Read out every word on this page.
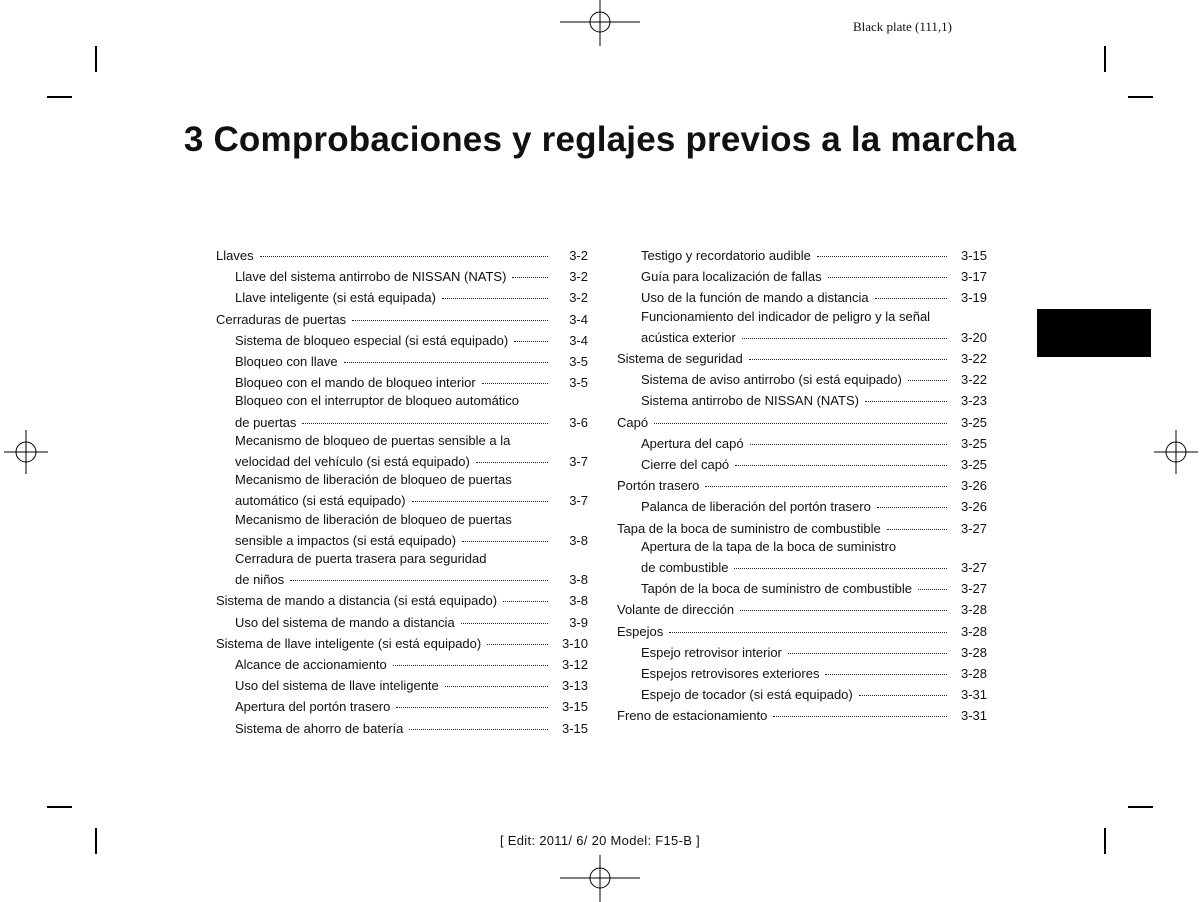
Black plate (111,1)
3 Comprobaciones y reglajes previos a la marcha
Llaves	3-2
Llave del sistema antirrobo de NISSAN (NATS)	3-2
Llave inteligente (si está equipada)	3-2
Cerraduras de puertas	3-4
Sistema de bloqueo especial (si está equipado)	3-4
Bloqueo con llave	3-5
Bloqueo con el mando de bloqueo interior	3-5
Bloqueo con el interruptor de bloqueo automático
de puertas	3-6
Mecanismo de bloqueo de puertas sensible a la
velocidad del vehículo (si está equipado)	3-7
Mecanismo de liberación de bloqueo de puertas
automático (si está equipado)	3-7
Mecanismo de liberación de bloqueo de puertas
sensible a impactos (si está equipado)	3-8
Cerradura de puerta trasera para seguridad
de niños	3-8
Sistema de mando a distancia (si está equipado)	3-8
Uso del sistema de mando a distancia	3-9
Sistema de llave inteligente (si está equipado)	3-10
Alcance de accionamiento	3-12
Uso del sistema de llave inteligente	3-13
Apertura del portón trasero	3-15
Sistema de ahorro de batería	3-15
Testigo y recordatorio audible	3-15
Guía para localización de fallas	3-17
Uso de la función de mando a distancia	3-19
Funcionamiento del indicador de peligro y la señal
acústica exterior	3-20
Sistema de seguridad	3-22
Sistema de aviso antirrobo (si está equipado)	3-22
Sistema antirrobo de NISSAN (NATS)	3-23
Capó	3-25
Apertura del capó	3-25
Cierre del capó	3-25
Portón trasero	3-26
Palanca de liberación del portón trasero	3-26
Tapa de la boca de suministro de combustible	3-27
Apertura de la tapa de la boca de suministro
de combustible	3-27
Tapón de la boca de suministro de combustible	3-27
Volante de dirección	3-28
Espejos	3-28
Espejo retrovisor interior	3-28
Espejos retrovisores exteriores	3-28
Espejo de tocador (si está equipado)	3-31
Freno de estacionamiento	3-31
[ Edit: 2011/ 6/ 20 Model: F15-B ]
